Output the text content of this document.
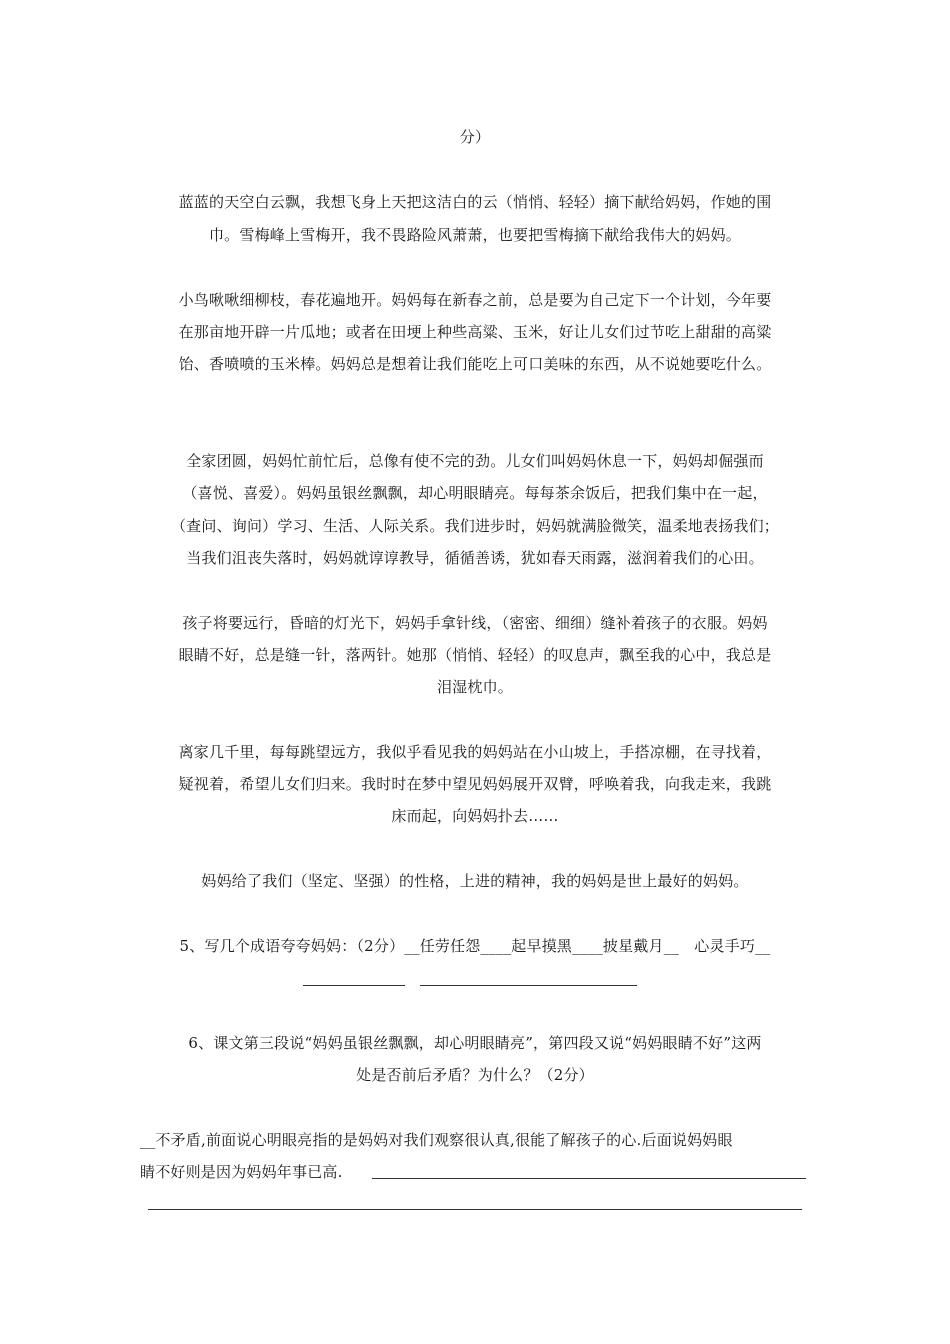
分）
蓝蓝的天空白云飘，我想飞身上天把这洁白的云（悄悄、轻轻）摘下献给妈妈，作她的围
巾。雪梅峰上雪梅开，我不畏路险风萧萧，也要把雪梅摘下献给我伟大的妈妈。
小鸟啾啾细柳枝，春花遍地开。妈妈每在新春之前，总是要为自己定下一个计划，今年要
在那亩地开辟一片瓜地；或者在田埂上种些高粱、玉米，好让儿女们过节吃上甜甜的高粱
饴、香喷喷的玉米棒。妈妈总是想着让我们能吃上可口美味的东西，从不说她要吃什么。
全家团圆，妈妈忙前忙后，总像有使不完的劲。儿女们叫妈妈休息一下，妈妈却倔强而
（喜悦、喜爱）。妈妈虽银丝飘飘，却心明眼睛亮。每每茶余饭后，把我们集中在一起，
（查问、询问）学习、生活、人际关系。我们进步时，妈妈就满脸微笑，温柔地表扬我们；
当我们沮丧失落时，妈妈就谆谆教导，循循善诱，犹如春天雨露，滋润着我们的心田。
孩子将要远行，昏暗的灯光下，妈妈手拿针线，（密密、细细）缝补着孩子的衣服。妈妈
眼睛不好，总是缝一针，落两针。她那（悄悄、轻轻）的叹息声，飘至我的心中，我总是
泪湿枕巾。
离家几千里，每每跳望远方，我似乎看见我的妈妈站在小山坡上，手搭凉棚，在寻找着，
疑视着，希望儿女们归来。我时时在梦中望见妈妈展开双臂，呼唤着我，向我走来，我跳
床而起，向妈妈扑去……
妈妈给了我们（坚定、坚强）的性格，上进的精神，我的妈妈是世上最好的妈妈。
5、写几个成语夸夸妈妈：（2分）__任劳任怨____起早摸黑____披星戴月__　心灵手巧__
6、课文第三段说“妈妈虽银丝飘飘，却心明眼睛亮”，第四段又说“妈妈眼睛不好”这两
处是否前后矛盾？为什么？（2分）
__不矛盾,前面说心明眼亮指的是妈妈对我们观察很认真,很能了解孩子的心.后面说妈妈眼
睛不好则是因为妈妈年事已高.
